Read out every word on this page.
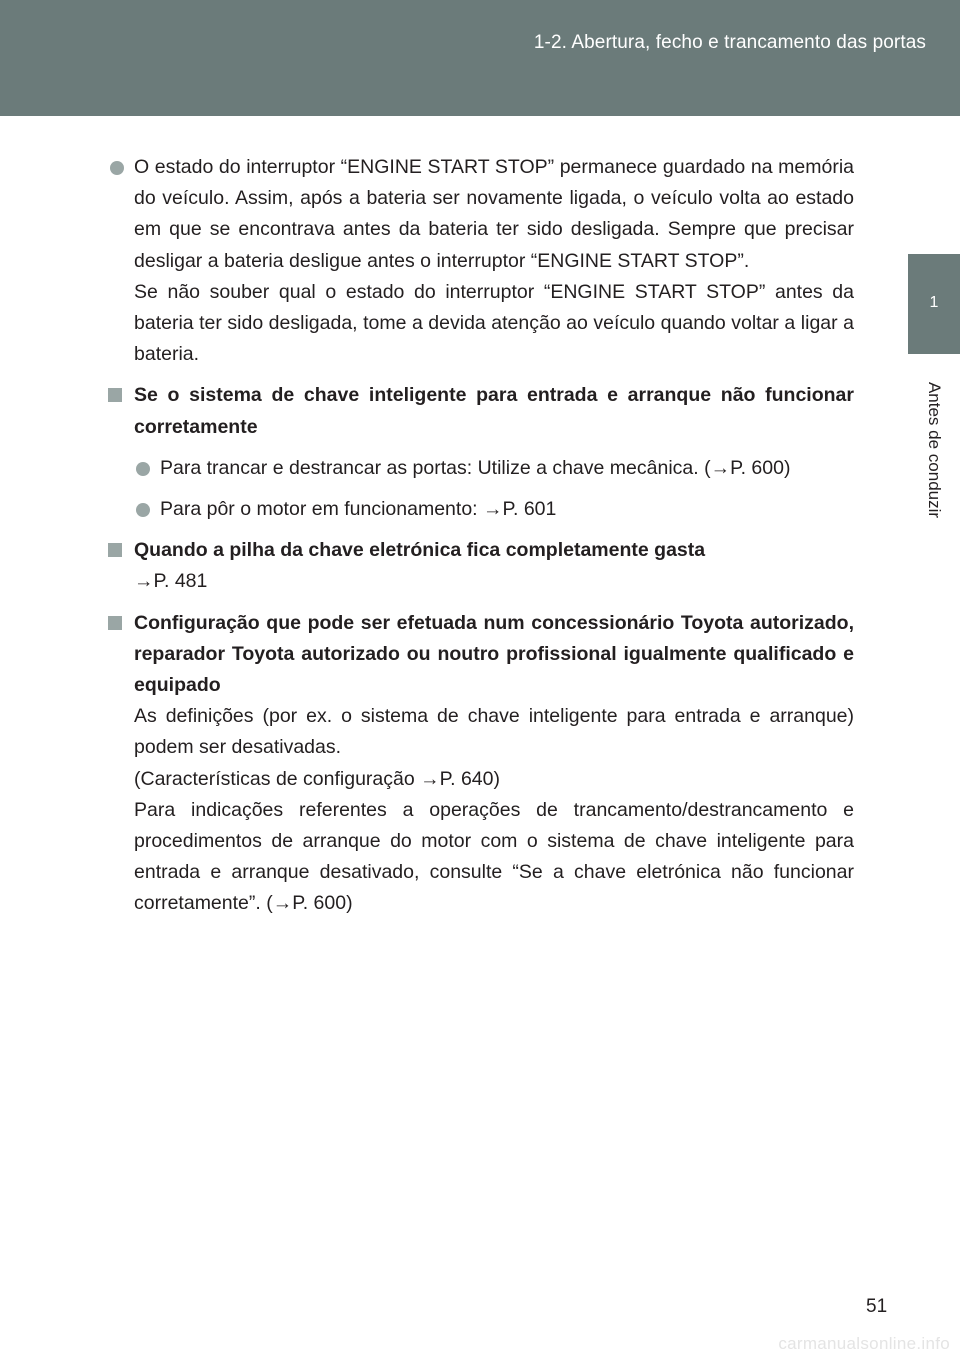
1-2. Abertura, fecho e trancamento das portas
1
Antes de conduzir

O estado do interruptor “ENGINE START STOP” permanece guardado na memória do veículo. Assim, após a bateria ser novamente ligada, o veículo volta ao estado em que se encontrava antes da bateria ter sido desligada. Sempre que precisar desligar a bateria desligue antes o interruptor “ENGINE START STOP”.

Se não souber qual o estado do interruptor “ENGINE START STOP” antes da bateria ter sido desligada, tome a devida atenção ao veículo quando voltar a ligar a bateria.

Se o sistema de chave inteligente para entrada e arranque não funcionar corretamente

Para trancar e destrancar as portas: Utilize a chave mecânica. (→P. 600)

Para pôr o motor em funcionamento: →P. 601

Quando a pilha da chave eletrónica fica completamente gasta

→P. 481

Configuração que pode ser efetuada num concessionário Toyota autorizado, reparador Toyota autorizado ou noutro profissional igualmente qualificado e equipado

As definições (por ex. o sistema de chave inteligente para entrada e arranque) podem ser desativadas.

(Características de configuração →P. 640)

Para indicações referentes a operações de trancamento/destrancamento e procedimentos de arranque do motor com o sistema de chave inteligente para entrada e arranque desativado, consulte “Se a chave eletrónica não funcionar corretamente”. (→P. 600)

51
carmanualsonline.info
